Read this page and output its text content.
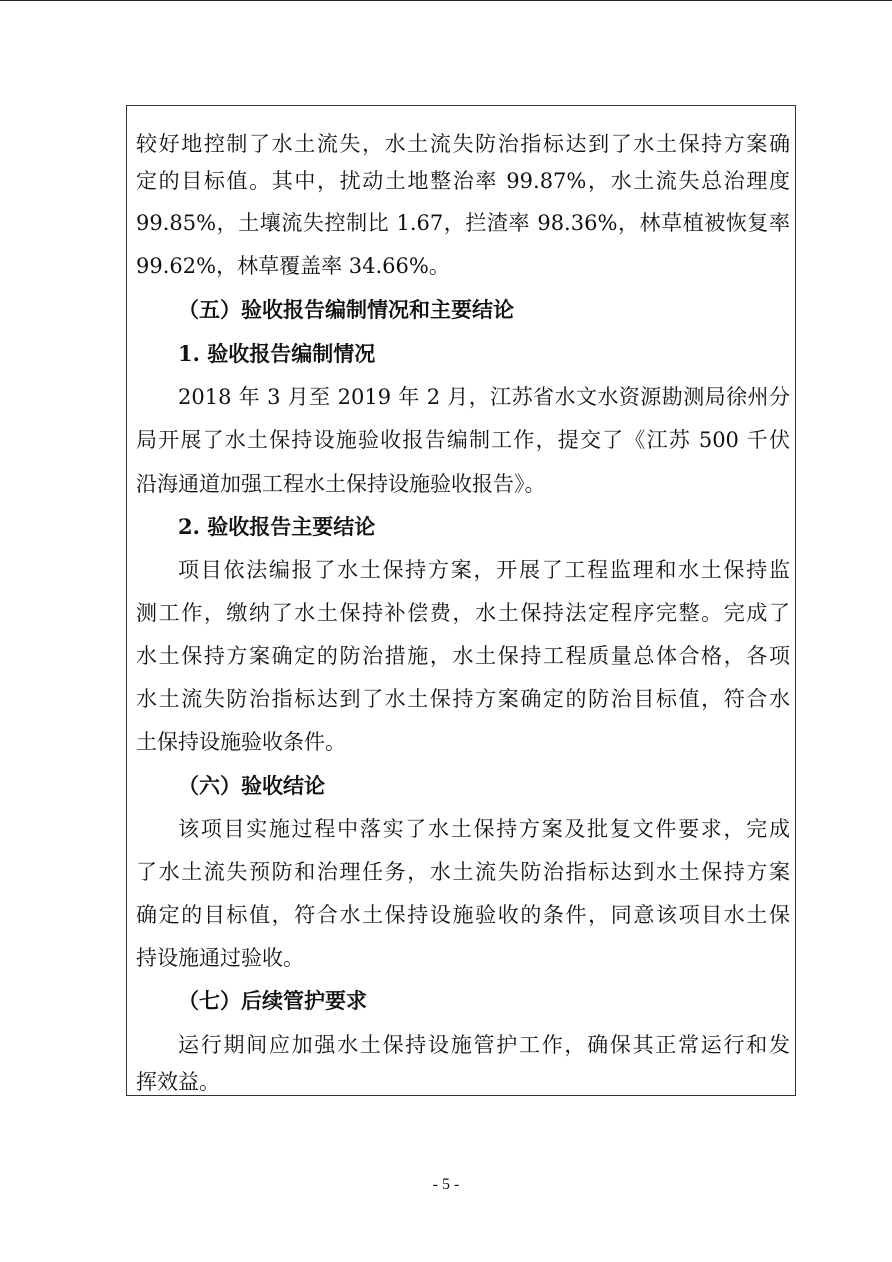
较好地控制了水土流失，水土流失防治指标达到了水土保持方案确
定的目标值。其中，扰动土地整治率 99.87%，水土流失总治理度
99.85%，土壤流失控制比 1.67，拦渣率 98.36%，林草植被恢复率
99.62%，林草覆盖率 34.66%。
（五）验收报告编制情况和主要结论
1. 验收报告编制情况
2018 年 3 月至 2019 年 2 月，江苏省水文水资源勘测局徐州分
局开展了水土保持设施验收报告编制工作，提交了《江苏 500 千伏
沿海通道加强工程水土保持设施验收报告》。
2. 验收报告主要结论
项目依法编报了水土保持方案，开展了工程监理和水土保持监
测工作，缴纳了水土保持补偿费，水土保持法定程序完整。完成了
水土保持方案确定的防治措施，水土保持工程质量总体合格，各项
水土流失防治指标达到了水土保持方案确定的防治目标值，符合水
土保持设施验收条件。
（六）验收结论
该项目实施过程中落实了水土保持方案及批复文件要求，完成
了水土流失预防和治理任务，水土流失防治指标达到水土保持方案
确定的目标值，符合水土保持设施验收的条件，同意该项目水土保
持设施通过验收。
（七）后续管护要求
运行期间应加强水土保持设施管护工作，确保其正常运行和发
挥效益。
- 5 -
